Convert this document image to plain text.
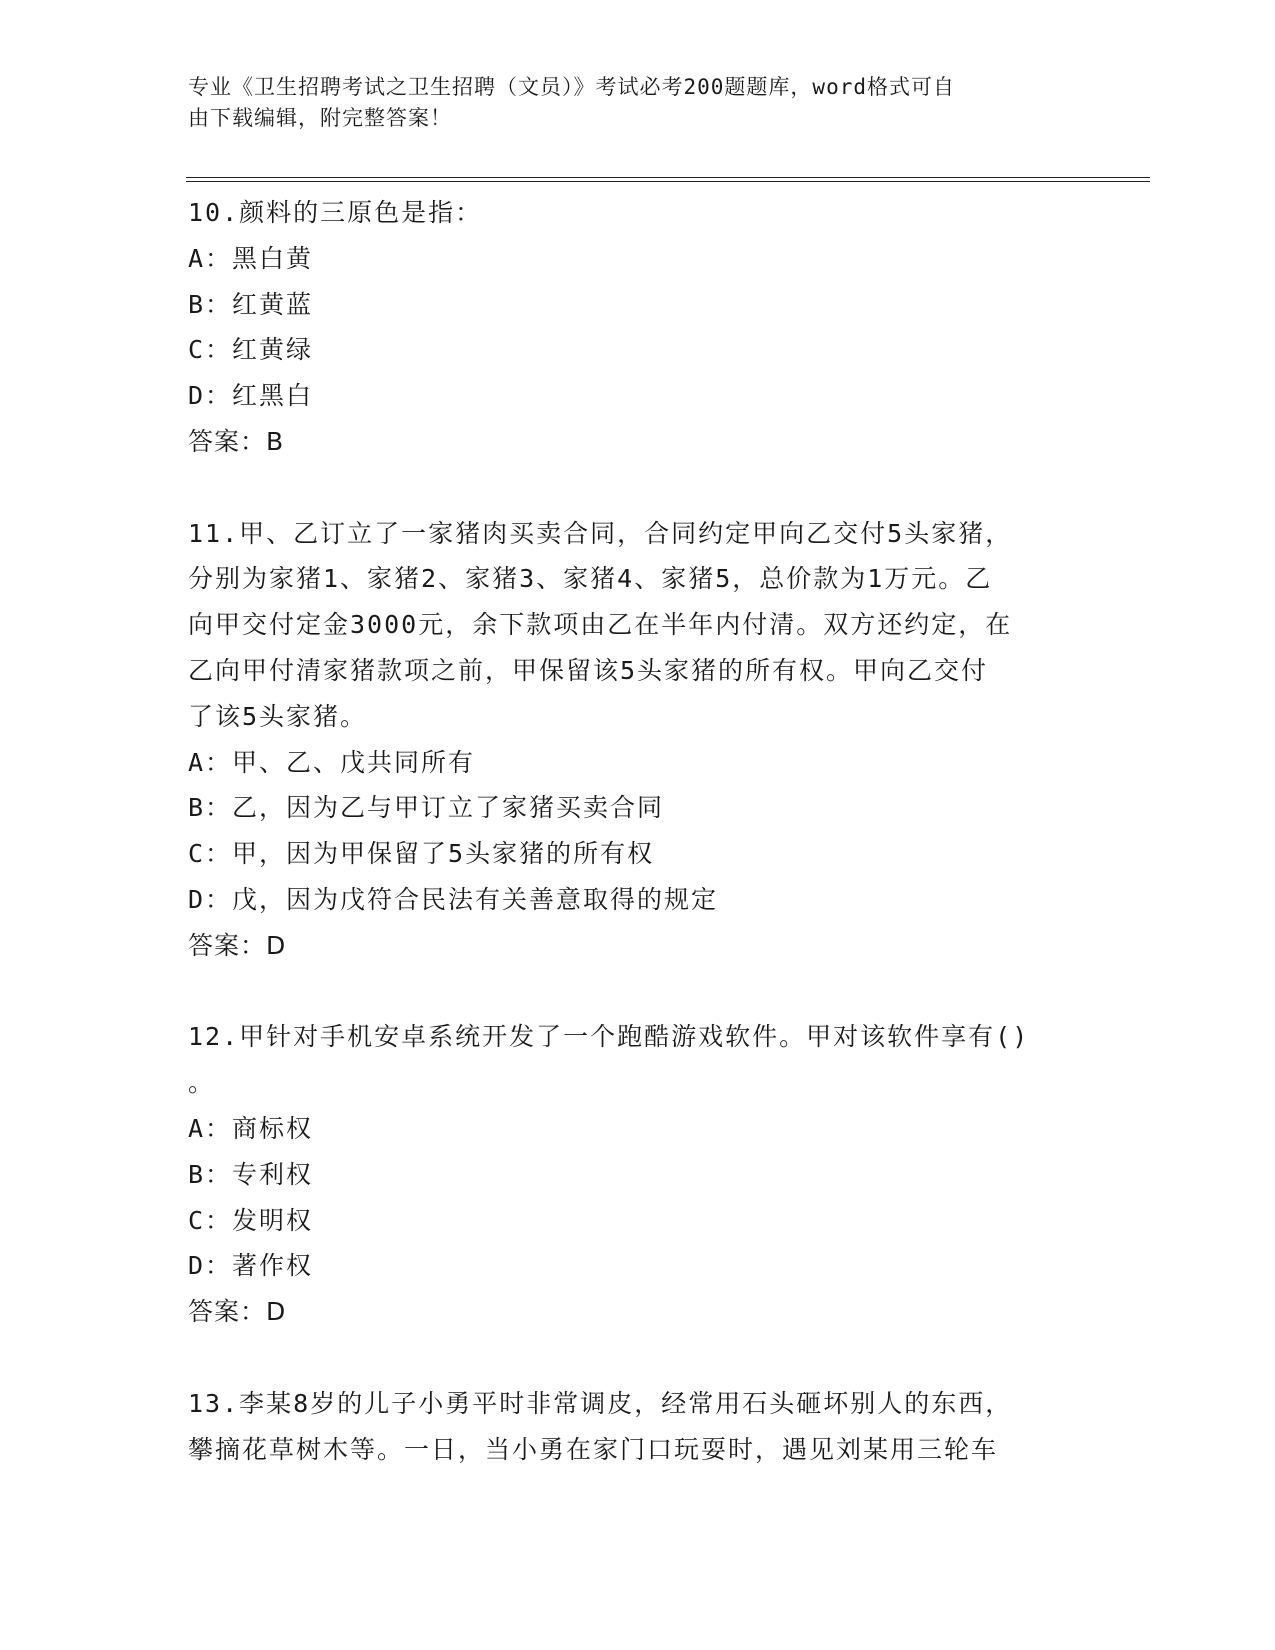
专业《卫生招聘考试之卫生招聘（文员）》考试必考200题题库，word格式可自
由下载编辑，附完整答案！
10.颜料的三原色是指：
A：黑白黄
B：红黄蓝
C：红黄绿
D：红黑白
答案：B
11.甲、乙订立了一家猪肉买卖合同，合同约定甲向乙交付5头家猪，
分别为家猪1、家猪2、家猪3、家猪4、家猪5，总价款为1万元。乙
向甲交付定金3000元，余下款项由乙在半年内付清。双方还约定，在
乙向甲付清家猪款项之前，甲保留该5头家猪的所有权。甲向乙交付
了该5头家猪。
A：甲、乙、戊共同所有
B：乙，因为乙与甲订立了家猪买卖合同
C：甲，因为甲保留了5头家猪的所有权
D：戊，因为戊符合民法有关善意取得的规定
答案：D
12.甲针对手机安卓系统开发了一个跑酷游戏软件。甲对该软件享有()
。
A：商标权
B：专利权
C：发明权
D：著作权
答案：D
13.李某8岁的儿子小勇平时非常调皮，经常用石头砸坏别人的东西，
攀摘花草树木等。一日，当小勇在家门口玩耍时，遇见刘某用三轮车
